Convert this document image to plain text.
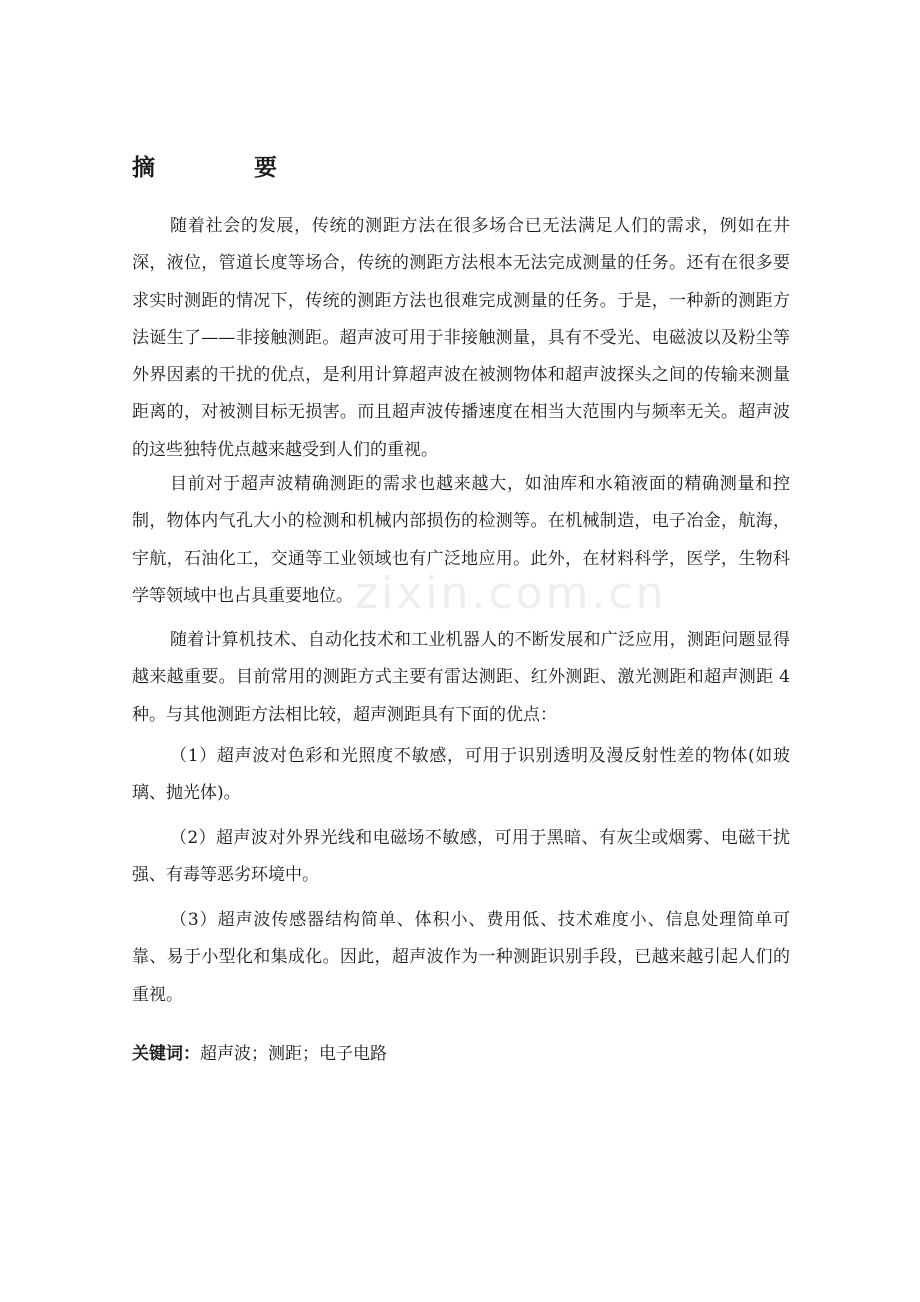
摘　要

随着社会的发展，传统的测距方法在很多场合已无法满足人们的需求，例如在井深，液位，管道长度等场合，传统的测距方法根本无法完成测量的任务。还有在很多要求实时测距的情况下，传统的测距方法也很难完成测量的任务。于是，一种新的测距方法诞生了——非接触测距。超声波可用于非接触测量，具有不受光、电磁波以及粉尘等外界因素的干扰的优点，是利用计算超声波在被测物体和超声波探头之间的传输来测量距离的，对被测目标无损害。而且超声波传播速度在相当大范围内与频率无关。超声波的这些独特优点越来越受到人们的重视。

目前对于超声波精确测距的需求也越来越大，如油库和水箱液面的精确测量和控制，物体内气孔大小的检测和机械内部损伤的检测等。在机械制造，电子冶金，航海，宇航，石油化工，交通等工业领域也有广泛地应用。此外，在材料科学，医学，生物科学等领域中也占具重要地位。

随着计算机技术、自动化技术和工业机器人的不断发展和广泛应用，测距问题显得越来越重要。目前常用的测距方式主要有雷达测距、红外测距、激光测距和超声测距 4 种。与其他测距方法相比较，超声测距具有下面的优点：

（1）超声波对色彩和光照度不敏感，可用于识别透明及漫反射性差的物体(如玻璃、抛光体)。

（2）超声波对外界光线和电磁场不敏感，可用于黑暗、有灰尘或烟雾、电磁干扰强、有毒等恶劣环境中。

（3）超声波传感器结构简单、体积小、费用低、技术难度小、信息处理简单可靠、易于小型化和集成化。因此，超声波作为一种测距识别手段，已越来越引起人们的重视。

关键词：超声波；测距；电子电路
zixin.com.cn
